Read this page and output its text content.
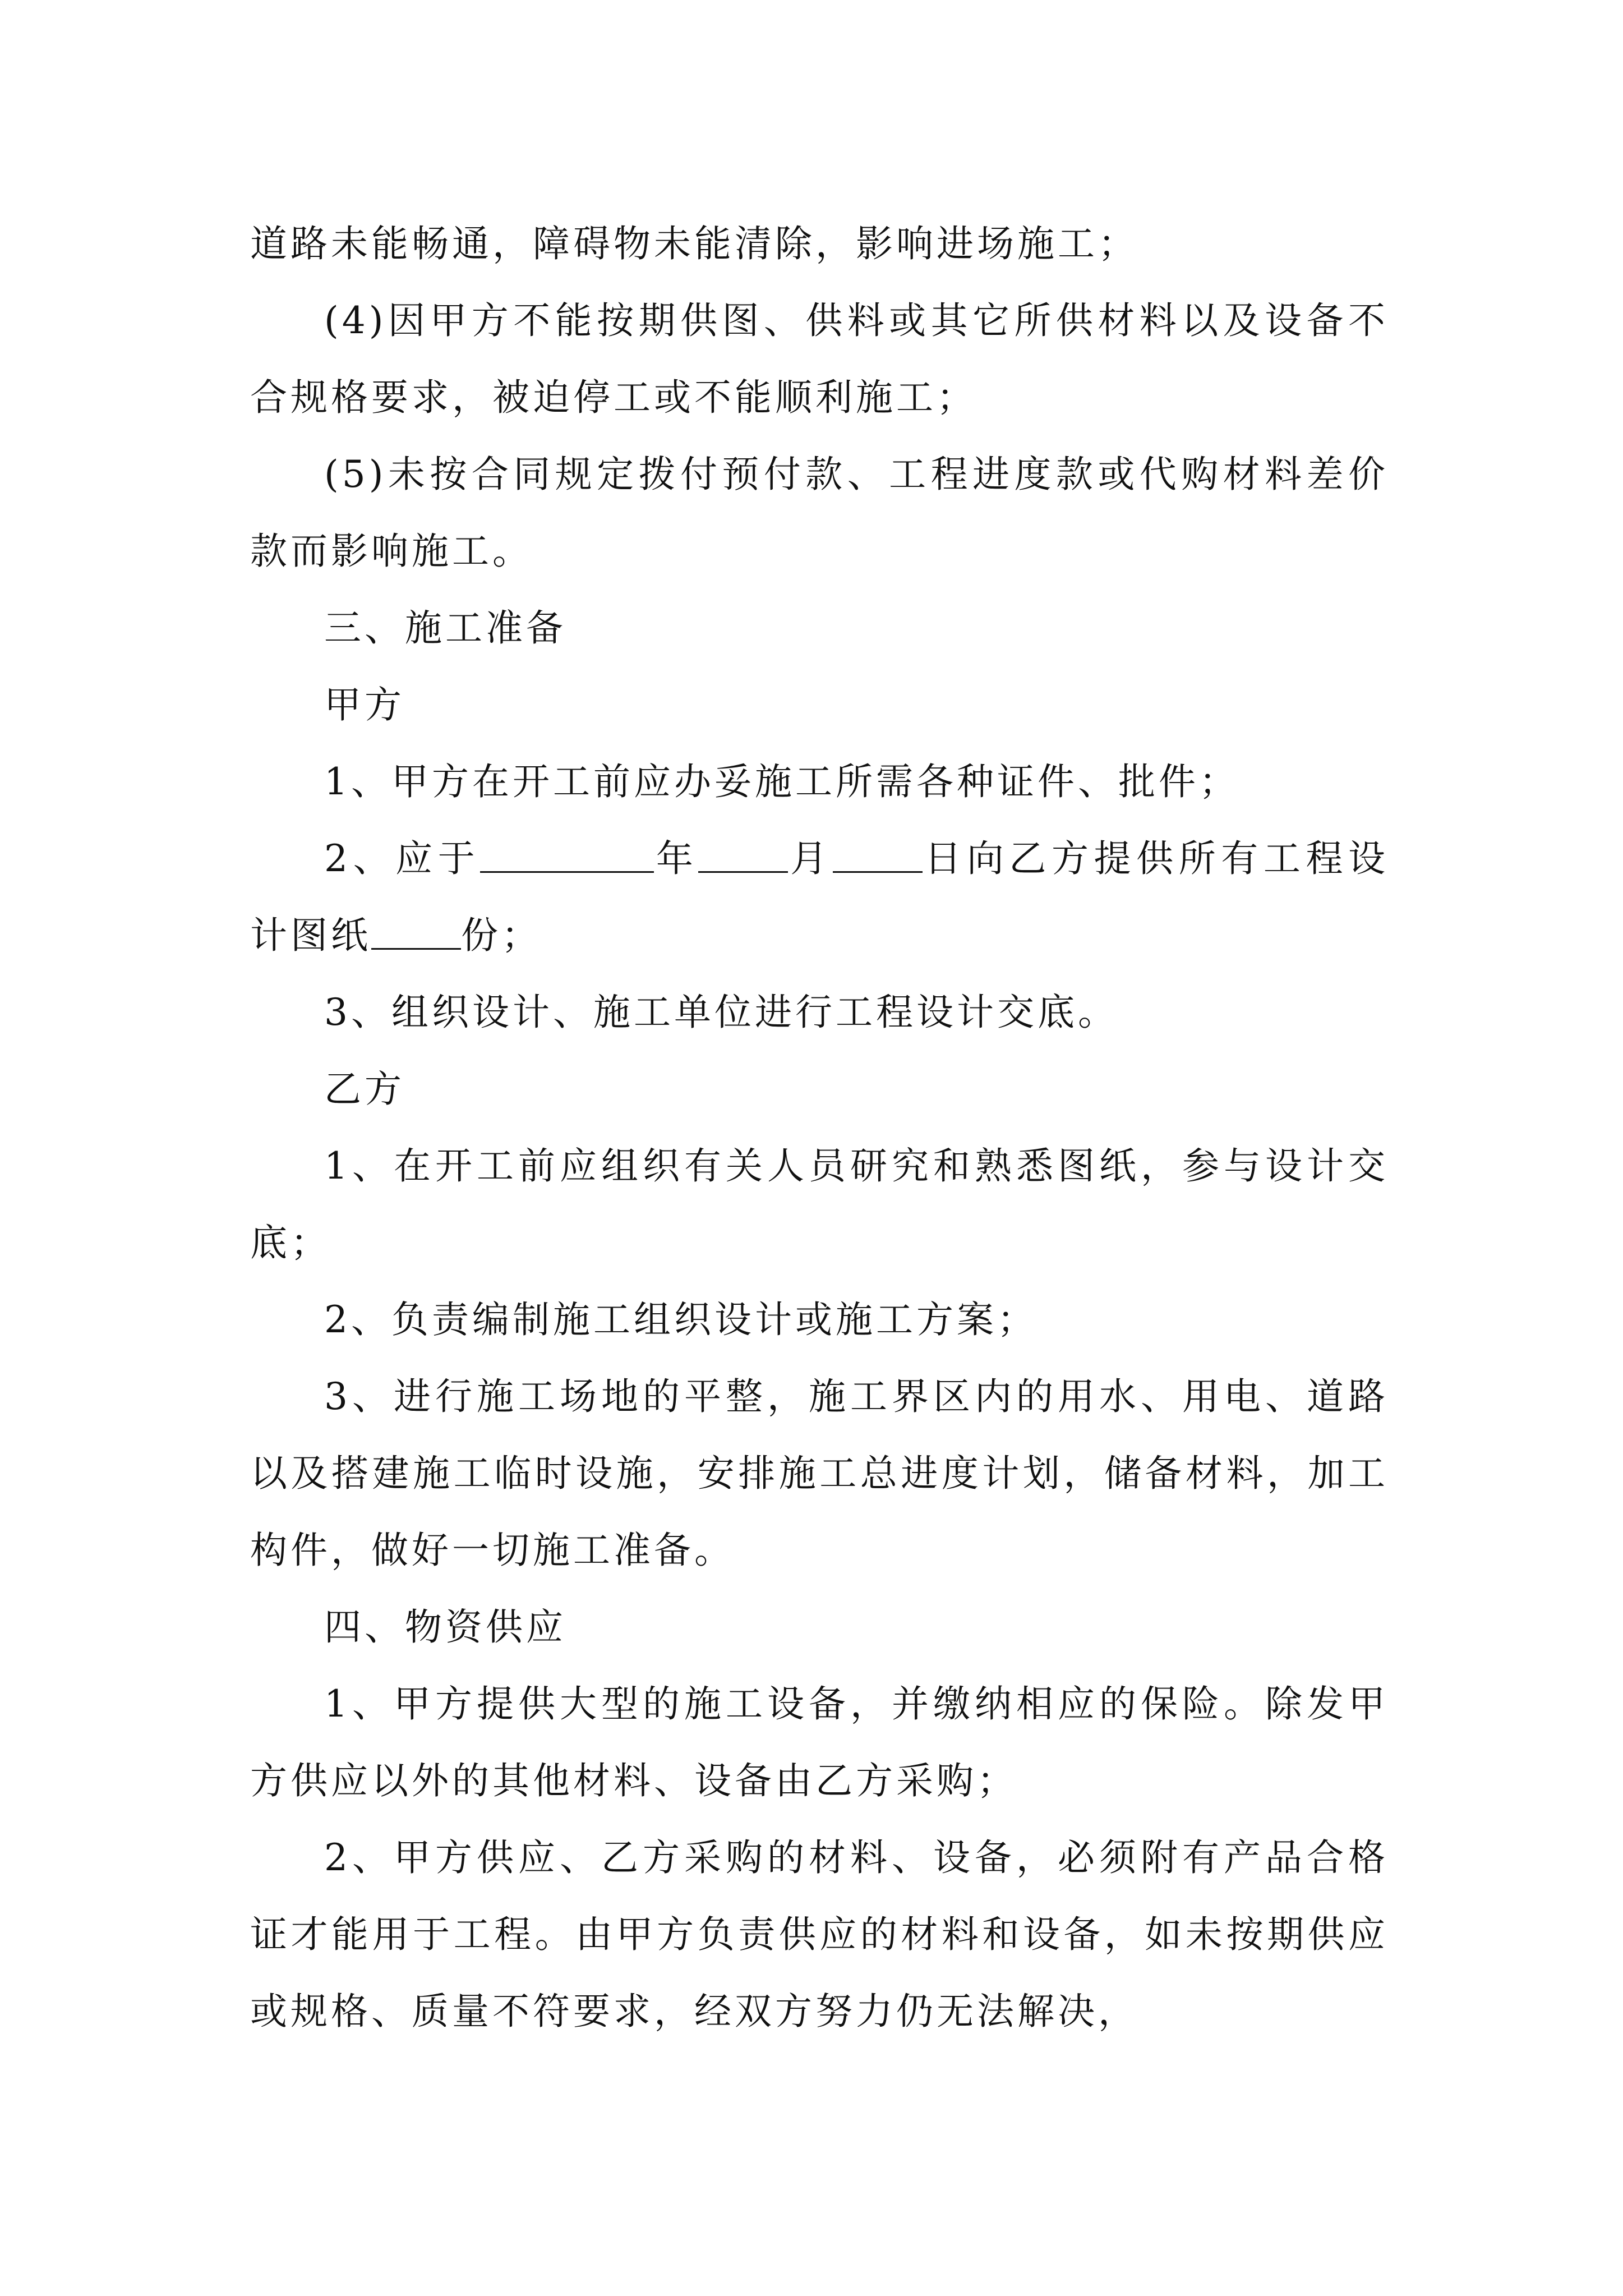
道路未能畅通，障碍物未能清除，影响进场施工；

(4)因甲方不能按期供图、供料或其它所供材料以及设备不合规格要求，被迫停工或不能顺利施工；

(5)未按合同规定拨付预付款、工程进度款或代购材料差价款而影响施工。

三、施工准备

甲方

1、甲方在开工前应办妥施工所需各种证件、批件；

2、应于	年 月 日向乙方提供所有工程设计图纸 份；

3、组织设计、施工单位进行工程设计交底。

乙方

1、在开工前应组织有关人员研究和熟悉图纸，参与设计交底；

2、负责编制施工组织设计或施工方案；

3、进行施工场地的平整，施工界区内的用水、用电、道路以及搭建施工临时设施，安排施工总进度计划，储备材料，加工构件，做好一切施工准备。

四、物资供应

1、甲方提供大型的施工设备，并缴纳相应的保险。除发甲方供应以外的其他材料、设备由乙方采购；

2、甲方供应、乙方采购的材料、设备，必须附有产品合格证才能用于工程。由甲方负责供应的材料和设备，如未按期供应或规格、质量不符要求，经双方努力仍无法解决，
